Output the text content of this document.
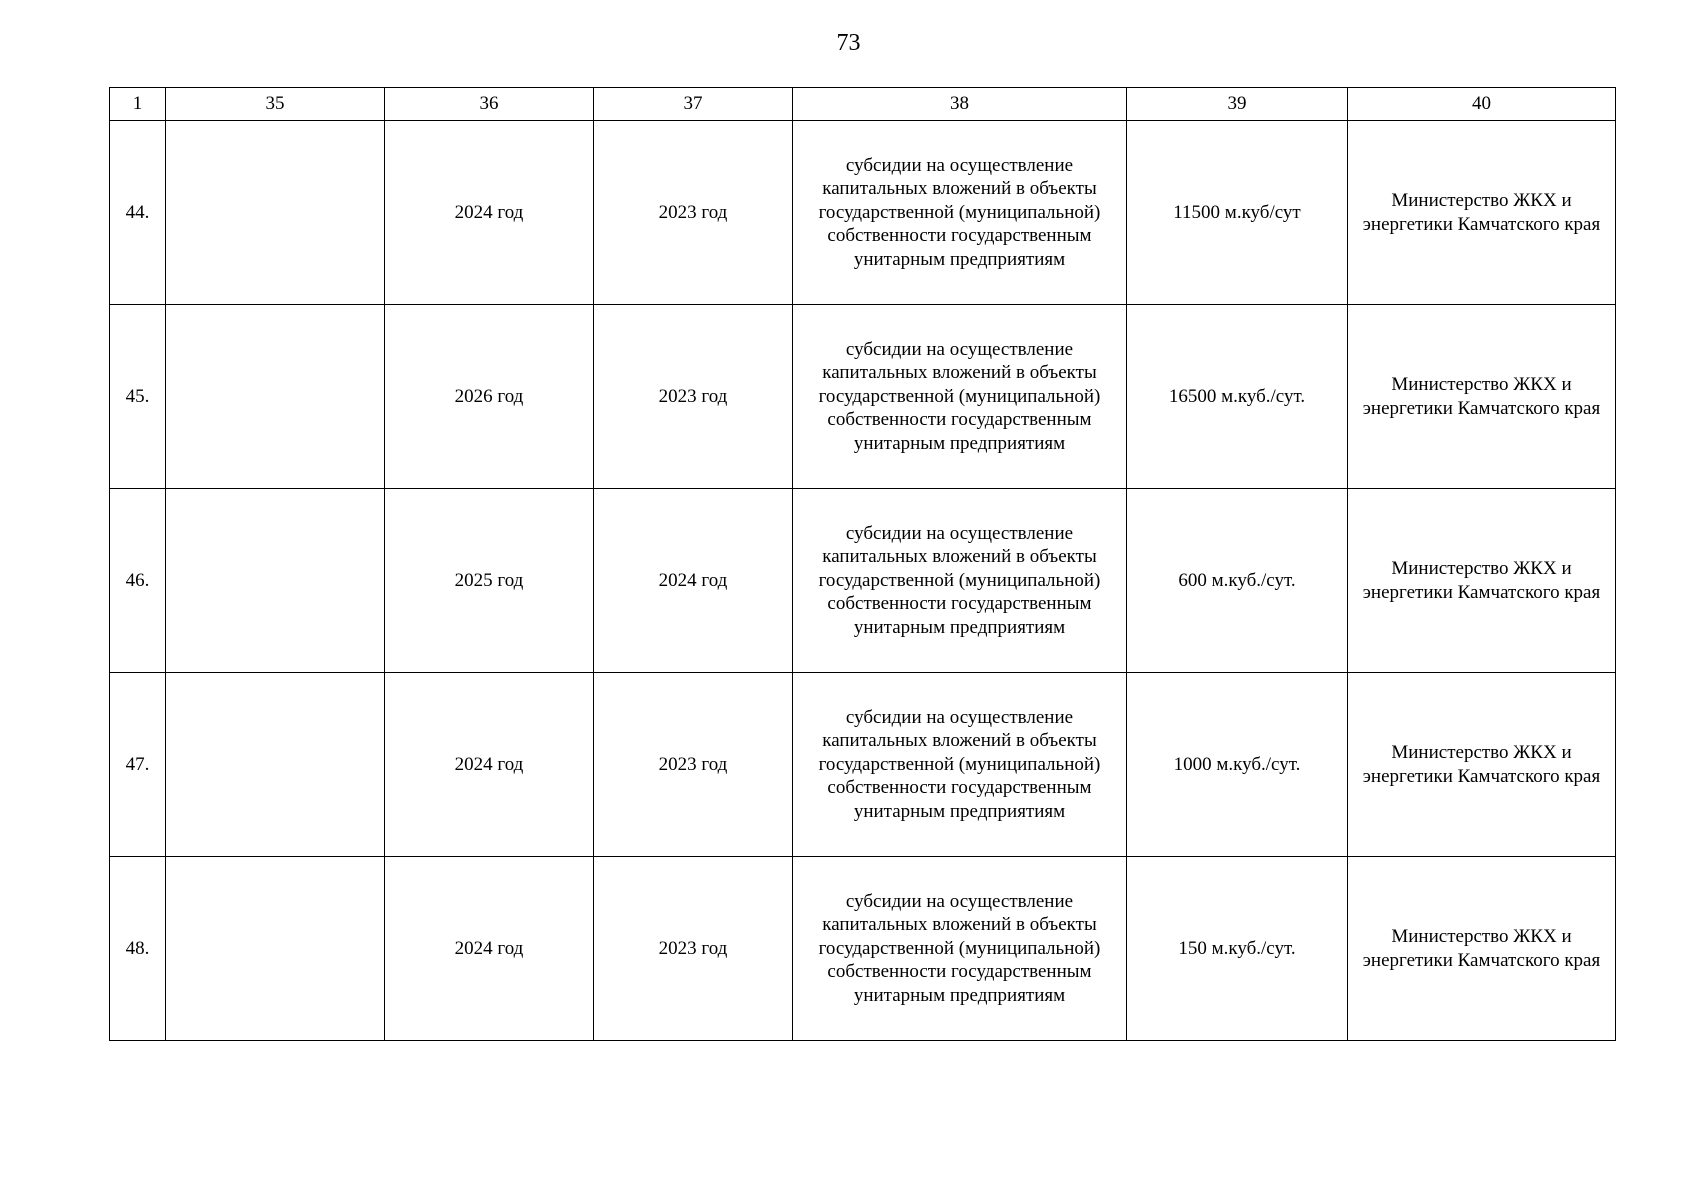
73
1	35	36	37	38	39	40
44.		2024 год	2023 год	субсидии на осуществление капитальных вложений в объекты государственной (муниципальной) собственности государственным унитарным предприятиям	11500 м.куб/сут	Министерство ЖКХ и энергетики Камчатского края
45.		2026 год	2023 год	субсидии на осуществление капитальных вложений в объекты государственной (муниципальной) собственности государственным унитарным предприятиям	16500 м.куб./сут.	Министерство ЖКХ и энергетики Камчатского края
46.		2025 год	2024 год	субсидии на осуществление капитальных вложений в объекты государственной (муниципальной) собственности государственным унитарным предприятиям	600 м.куб./сут.	Министерство ЖКХ и энергетики Камчатского края
47.		2024 год	2023 год	субсидии на осуществление капитальных вложений в объекты государственной (муниципальной) собственности государственным унитарным предприятиям	1000 м.куб./сут.	Министерство ЖКХ и энергетики Камчатского края
48.		2024 год	2023 год	субсидии на осуществление капитальных вложений в объекты государственной (муниципальной) собственности государственным унитарным предприятиям	150 м.куб./сут.	Министерство ЖКХ и энергетики Камчатского края
